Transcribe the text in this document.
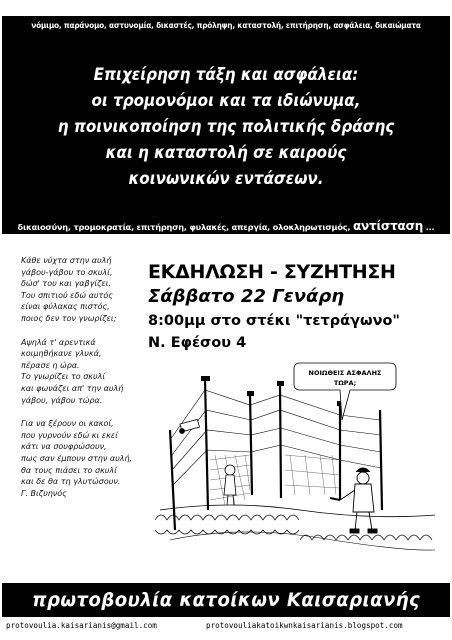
νόμιμο, παράνομο, αστυνομία, δικαστές, πρόληψη, καταστολή, επιτήρηση, ασφάλεια, δικαιώματα
Επιχείρηση τάξη και ασφάλεια:
οι τρομονόμοι και τα ιδιώνυμα,
η ποινικοποίηση της πολιτικής δράσης
και η καταστολή σε καιρούς
κοινωνικών εντάσεων.
δικαιοσύνη, τρομοκρατία, επιτήρηση, φυλακές, απεργία, ολοκληρωτισμός, αντίσταση ...

Κάθε νύχτα στην αυλή
γάβου-γάβου το σκυλί,
δώσ' του και γαβγίζει.
Του σπιτιού εδώ αυτός
είναι φύλακας πιστός,
ποιος δεν τον γνωρίζει;

Αψηλά τ' αρεντικά
κοιμηθήκανε γλυκά,
πέρασε η ώρα.
Το γνωρίζει το σκυλί
και φωνάζει απ' την αυλή
γάβου, γάβου τώρα.

Για να ξέρουν οι κακοί,
που γυρνούν εδώ κι εκεί
κάτι να σουφρώσουν,
πως σαν έμπουν στην αυλή,
θα τους πιάσει το σκυλί
και δε θα τη γλυτώσουν.
Γ. Βιζυηνός

ΕΚΔΗΛΩΣΗ - ΣΥΖΗΤΗΣΗ
Σάββατο 22 Γενάρη
8:00μμ στο στέκι "τετράγωνο"
Ν. Εφέσου 4
ΝΟΙΩΘΕΙΣ ΑΣΦΑΛΗΣ
ΤΩΡΑ;
πρωτοβουλία κατοίκων Καισαριανής
protovoulia.kaisarianis@gmail.com	protovouliakatoikwnkaisarianis.blogspot.com
